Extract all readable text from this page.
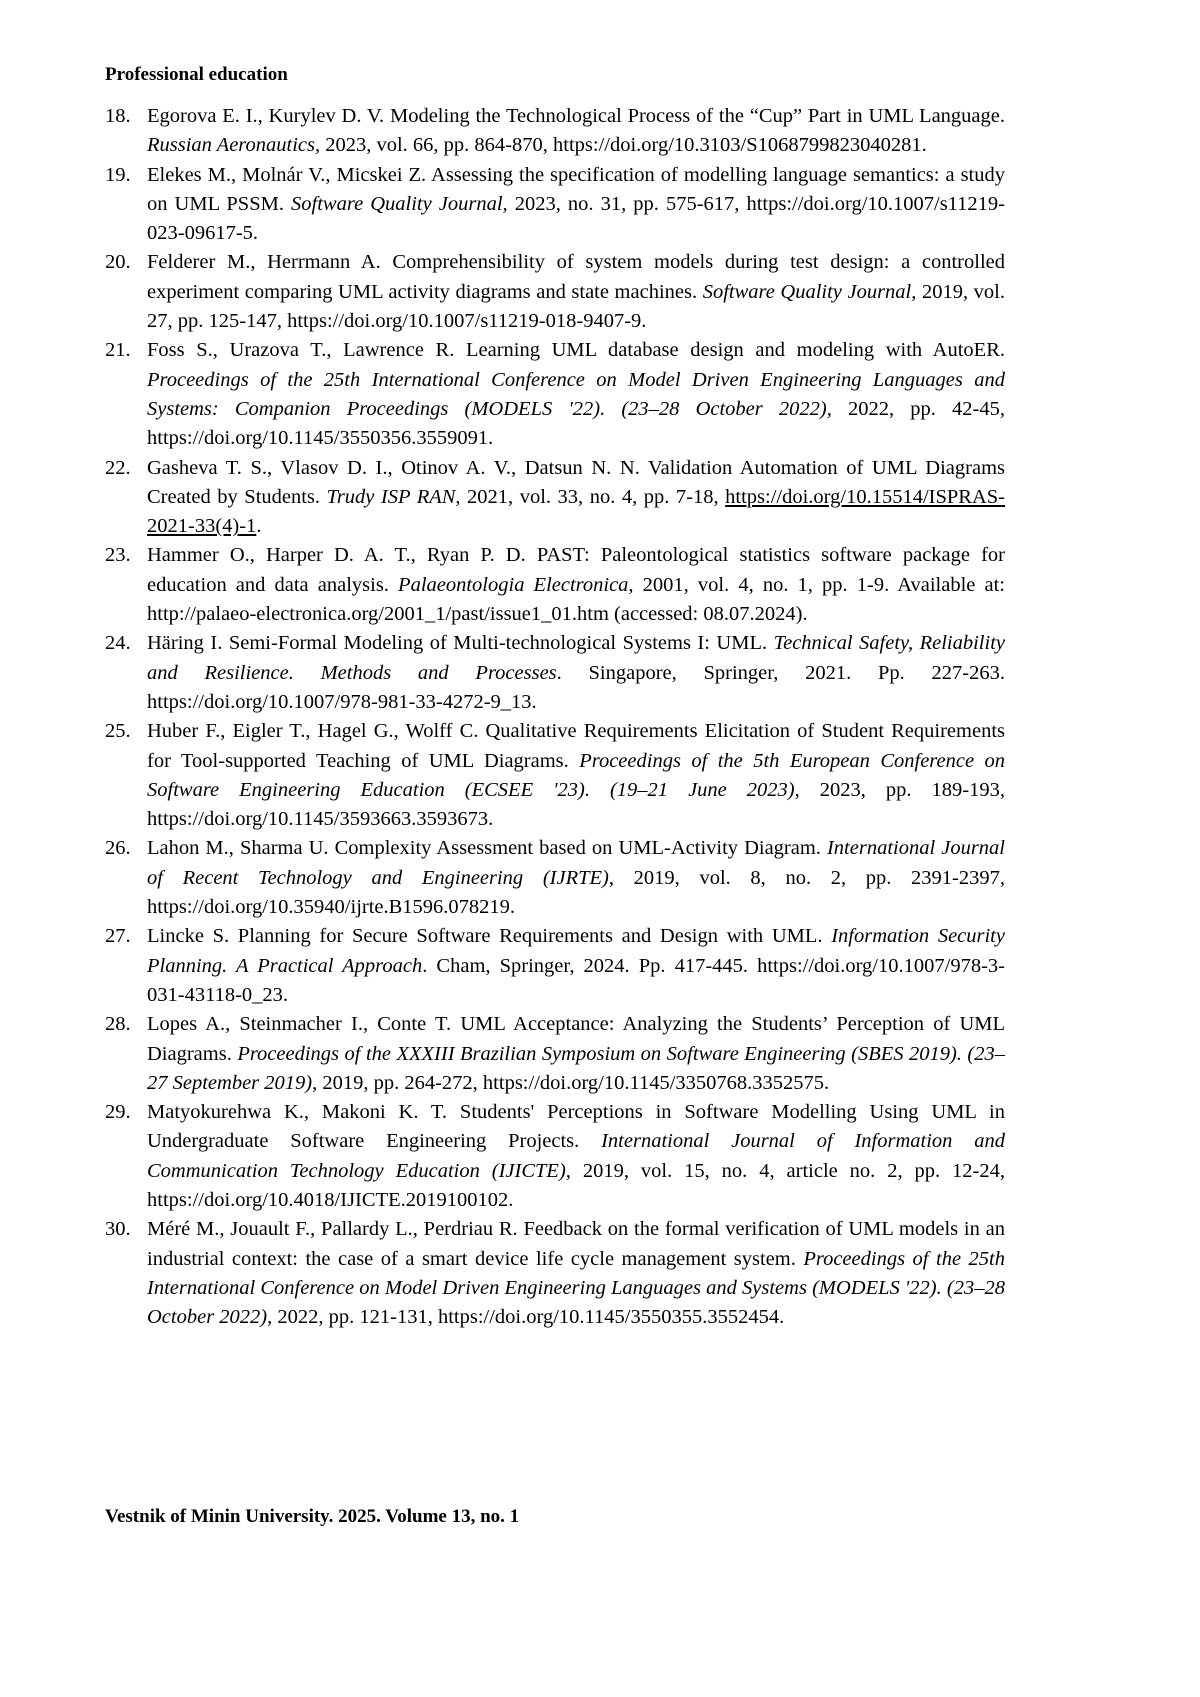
Professional education
18. Egorova E. I., Kurylev D. V. Modeling the Technological Process of the “Cup” Part in UML Language. Russian Aeronautics, 2023, vol. 66, pp. 864-870, https://doi.org/10.3103/S1068799823040281.
19. Elekes M., Molnár V., Micskei Z. Assessing the specification of modelling language semantics: a study on UML PSSM. Software Quality Journal, 2023, no. 31, pp. 575-617, https://doi.org/10.1007/s11219-023-09617-5.
20. Felderer M., Herrmann A. Comprehensibility of system models during test design: a controlled experiment comparing UML activity diagrams and state machines. Software Quality Journal, 2019, vol. 27, pp. 125-147, https://doi.org/10.1007/s11219-018-9407-9.
21. Foss S., Urazova T., Lawrence R. Learning UML database design and modeling with AutoER. Proceedings of the 25th International Conference on Model Driven Engineering Languages and Systems: Companion Proceedings (MODELS '22). (23–28 October 2022), 2022, pp. 42-45, https://doi.org/10.1145/3550356.3559091.
22. Gasheva T. S., Vlasov D. I., Otinov A. V., Datsun N. N. Validation Automation of UML Diagrams Created by Students. Trudy ISP RAN, 2021, vol. 33, no. 4, pp. 7-18, https://doi.org/10.15514/ISPRAS-2021-33(4)-1.
23. Hammer O., Harper D. A. T., Ryan P. D. PAST: Paleontological statistics software package for education and data analysis. Palaeontologia Electronica, 2001, vol. 4, no. 1, pp. 1-9. Available at: http://palaeo-electronica.org/2001_1/past/issue1_01.htm (accessed: 08.07.2024).
24. Häring I. Semi-Formal Modeling of Multi-technological Systems I: UML. Technical Safety, Reliability and Resilience. Methods and Processes. Singapore, Springer, 2021. Pp. 227-263. https://doi.org/10.1007/978-981-33-4272-9_13.
25. Huber F., Eigler T., Hagel G., Wolff C. Qualitative Requirements Elicitation of Student Requirements for Tool-supported Teaching of UML Diagrams. Proceedings of the 5th European Conference on Software Engineering Education (ECSEE '23). (19–21 June 2023), 2023, pp. 189-193, https://doi.org/10.1145/3593663.3593673.
26. Lahon M., Sharma U. Complexity Assessment based on UML-Activity Diagram. International Journal of Recent Technology and Engineering (IJRTE), 2019, vol. 8, no. 2, pp. 2391-2397, https://doi.org/10.35940/ijrte.B1596.078219.
27. Lincke S. Planning for Secure Software Requirements and Design with UML. Information Security Planning. A Practical Approach. Cham, Springer, 2024. Pp. 417-445. https://doi.org/10.1007/978-3-031-43118-0_23.
28. Lopes A., Steinmacher I., Conte T. UML Acceptance: Analyzing the Students’ Perception of UML Diagrams. Proceedings of the XXXIII Brazilian Symposium on Software Engineering (SBES 2019). (23–27 September 2019), 2019, pp. 264-272, https://doi.org/10.1145/3350768.3352575.
29. Matyokurehwa K., Makoni K. T. Students' Perceptions in Software Modelling Using UML in Undergraduate Software Engineering Projects. International Journal of Information and Communication Technology Education (IJICTE), 2019, vol. 15, no. 4, article no. 2, pp. 12-24, https://doi.org/10.4018/IJICTE.2019100102.
30. Méré M., Jouault F., Pallardy L., Perdriau R. Feedback on the formal verification of UML models in an industrial context: the case of a smart device life cycle management system. Proceedings of the 25th International Conference on Model Driven Engineering Languages and Systems (MODELS '22). (23–28 October 2022), 2022, pp. 121-131, https://doi.org/10.1145/3550355.3552454.
Vestnik of Minin University. 2025. Volume 13, no. 1
